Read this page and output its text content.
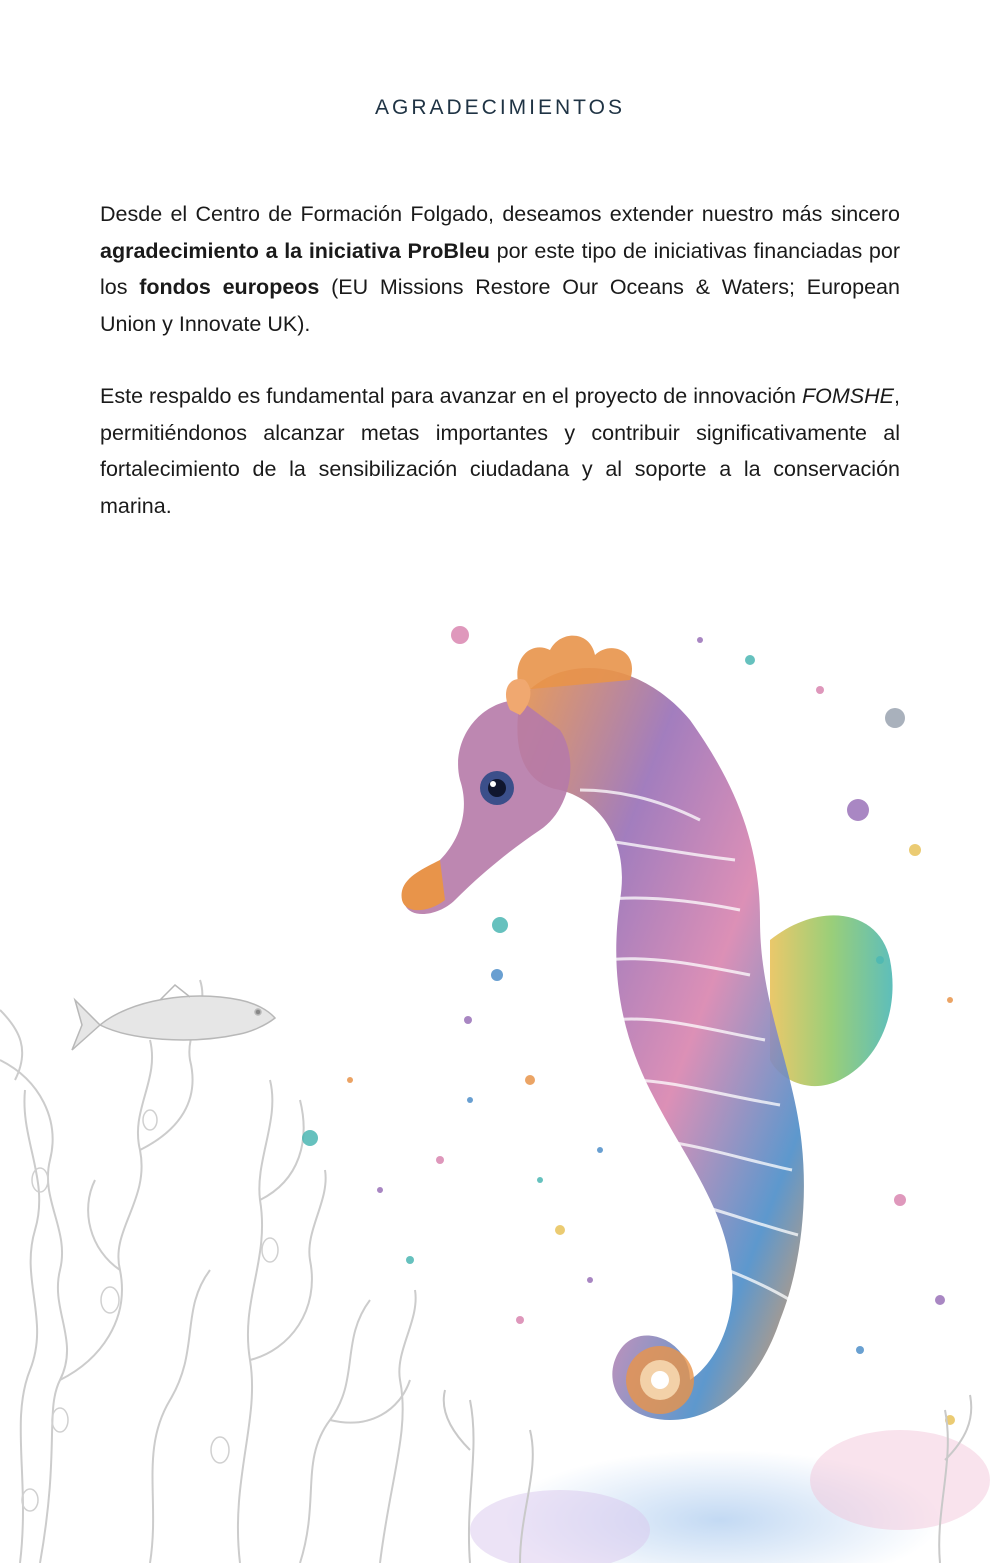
AGRADECIMIENTOS

Desde el Centro de Formación Folgado, deseamos extender nuestro más sincero agradecimiento a la iniciativa ProBleu por este tipo de iniciativas financiadas por los fondos europeos (EU Missions Restore Our Oceans & Waters; European Union y Innovate UK).

Este respaldo es fundamental para avanzar en el proyecto de innovación FOMSHE, permitiéndonos alcanzar metas importantes y contribuir significativamente al fortalecimiento de la sensibilización ciudadana y al soporte a la conservación marina.
